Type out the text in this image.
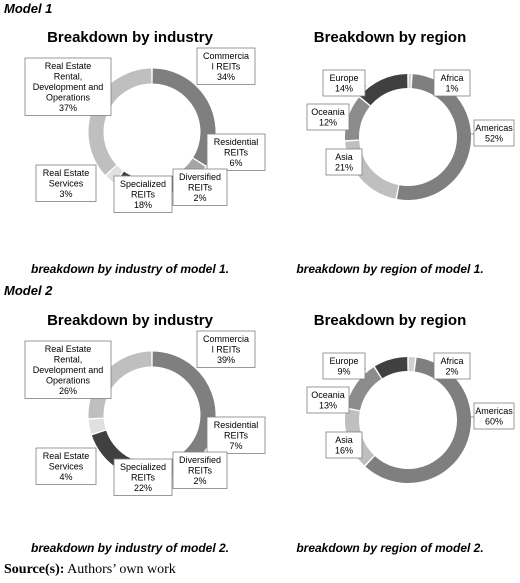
Model 1
Model 2
Breakdown by industry
Commercia
l REITs
34%
Residential
REITs
6%
Diversified
REITs
2%
Specialized
REITs
18%
Real Estate
Services
3%
Real Estate
Rental,
Development and
Operations
37%
Breakdown by region
Africa
1%
Americas
52%
Asia
21%
Oceania
12%
Europe
14%
Breakdown by industry
Commercia
l REITs
39%
Residential
REITs
7%
Diversified
REITs
2%
Specialized
REITs
22%
Real Estate
Services
4%
Real Estate
Rental,
Development and
Operations
26%
Breakdown by region
Africa
2%
Americas
60%
Asia
16%
Oceania
13%
Europe
9%
breakdown by industry of model 1.	breakdown by region of model 1.
breakdown by industry of model 2.	breakdown by region of model 2.
Source(s): Authors’ own work
